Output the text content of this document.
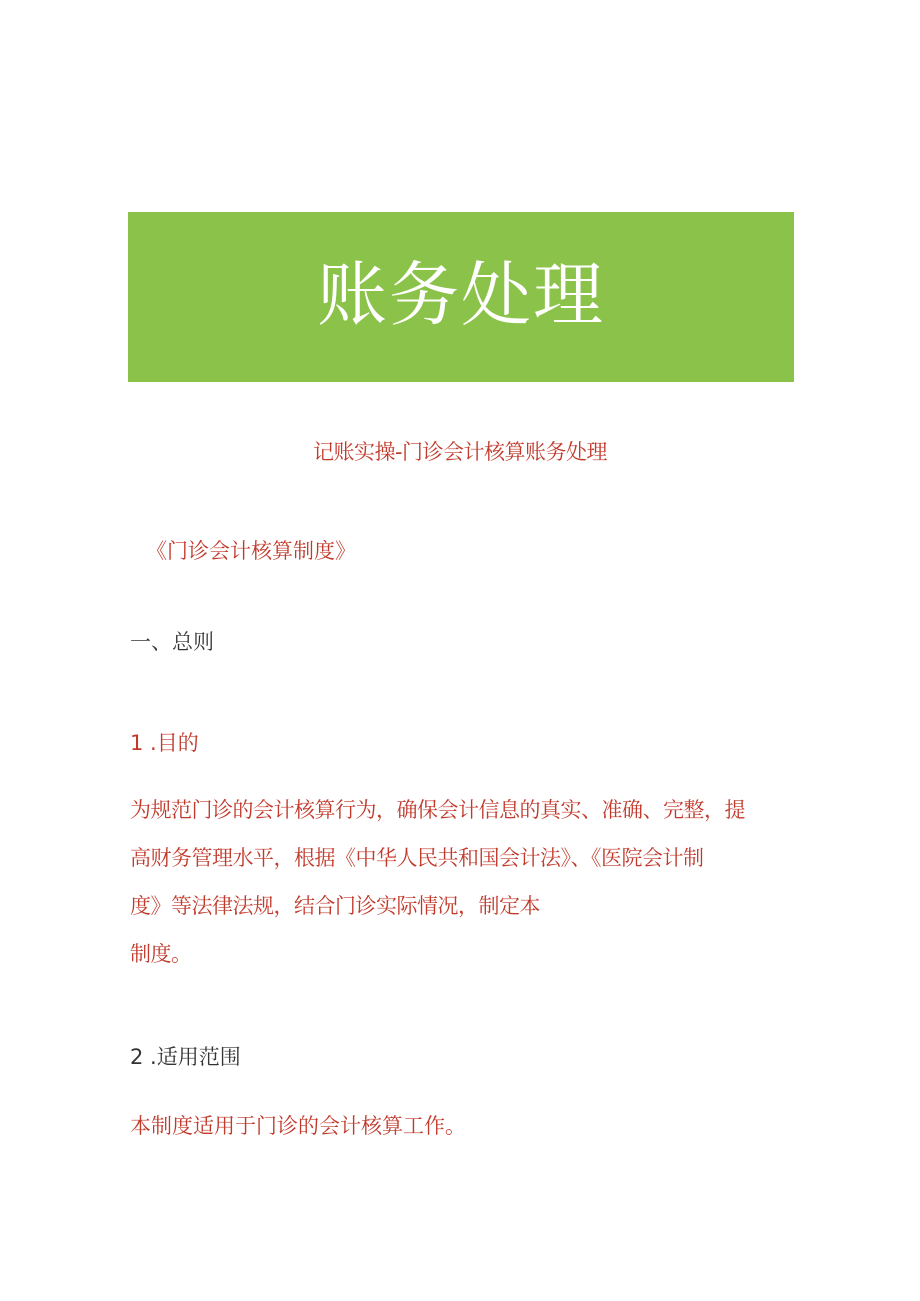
账务处理
记账实操-门诊会计核算账务处理
《门诊会计核算制度》
一、总则
1 .目的
为规范门诊的会计核算行为，确保会计信息的真实、准确、完整，提
高财务管理水平，根据《中华人民共和国会计法》、《医院会计制
度》等法律法规，结合门诊实际情况，制定本
制度。
2 .适用范围
本制度适用于门诊的会计核算工作。
